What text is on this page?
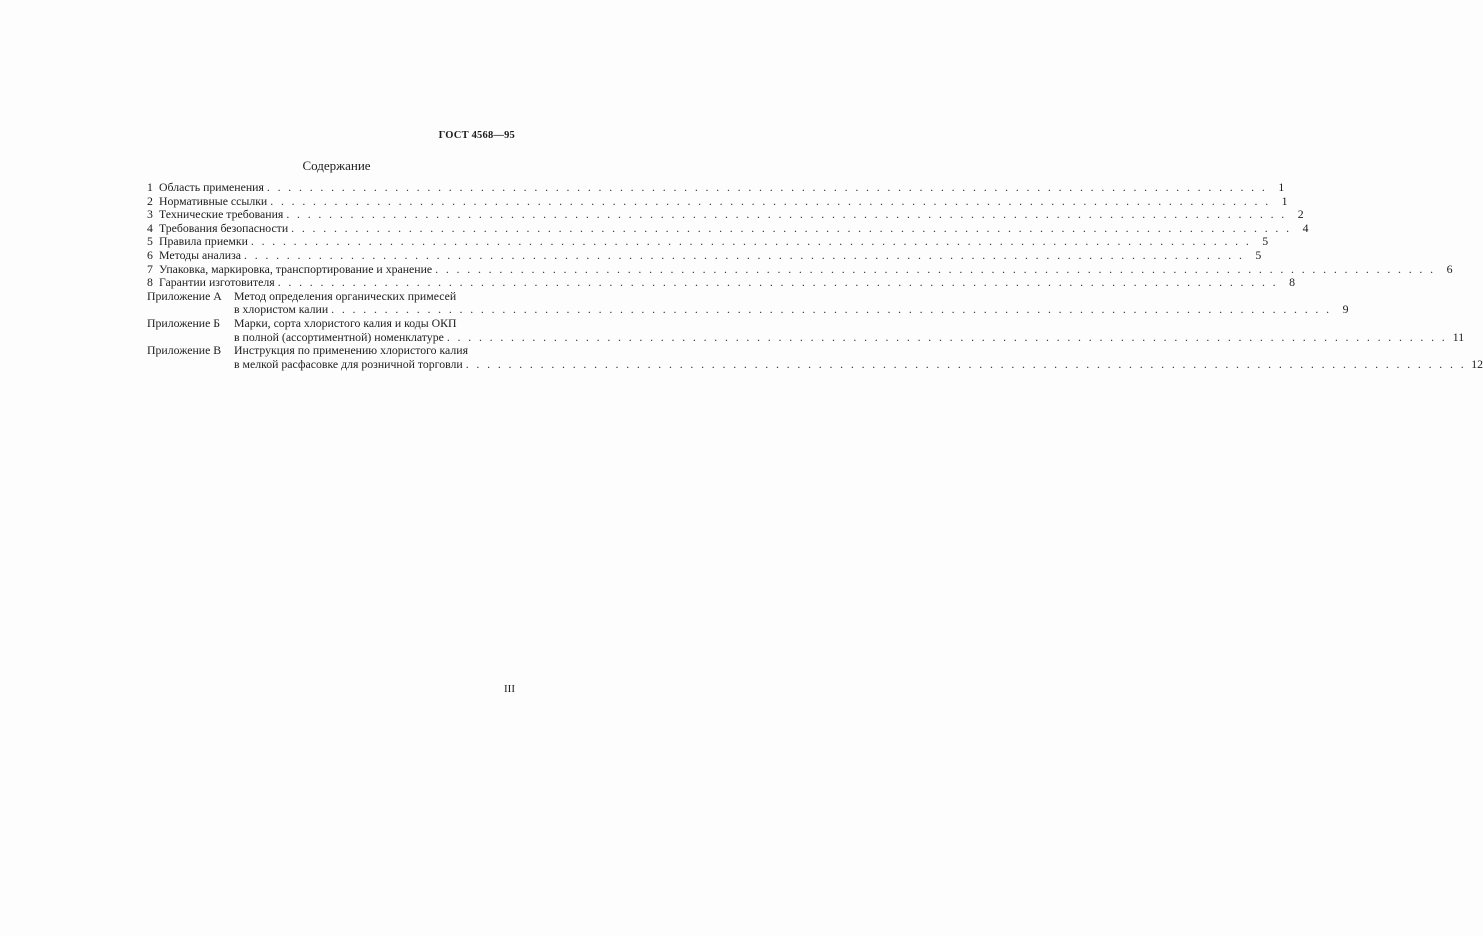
ГОСТ 4568—95
Содержание
1 Область применения . . .	1
2 Нормативные ссылки . . .	1
3 Технические требования . . .	2
4 Требования безопасности . . .	4
5 Правила приемки . . .	5
6 Методы анализа . . .	5
7 Упаковка, маркировка, транспортирование и хранение . . .	6
8 Гарантии изготовителя . . .	8
Приложение А	Метод определения органических примесей
в хлористом калии . . .	9
Приложение Б	Марки, сорта хлористого калия и коды ОКП
в полной (ассортиментной) номенклатуре . . .	11
Приложение В	Инструкция по применению хлористого калия
в мелкой расфасовке для розничной торговли . . .	12
III
